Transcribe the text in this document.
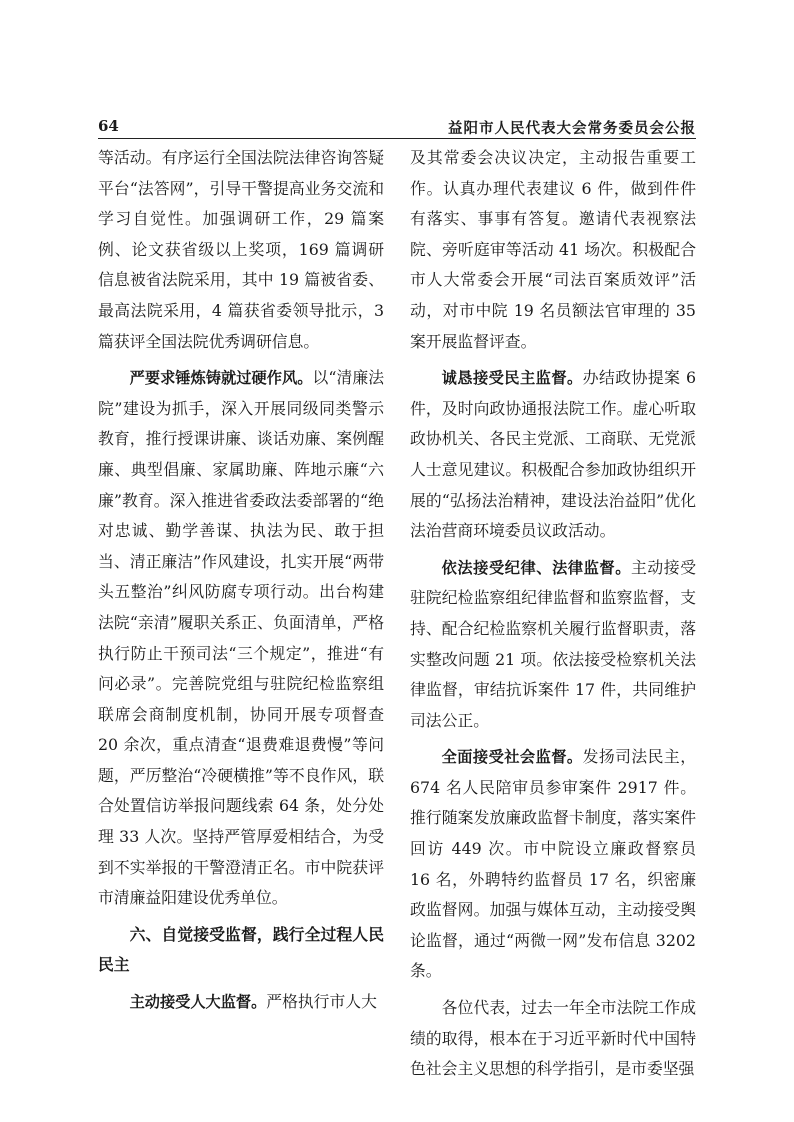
64	益阳市人民代表大会常务委员会公报

等活动。有序运行全国法院法律咨询答疑平台“法答网”，引导干警提高业务交流和学习自觉性。加强调研工作，29 篇案例、论文获省级以上奖项，169 篇调研信息被省法院采用，其中 19 篇被省委、最高法院采用，4 篇获省委领导批示，3 篇获评全国法院优秀调研信息。

严要求锤炼铸就过硬作风。以“清廉法院”建设为抓手，深入开展同级同类警示教育，推行授课讲廉、谈话劝廉、案例醒廉、典型倡廉、家属助廉、阵地示廉“六廉”教育。深入推进省委政法委部署的“绝对忠诚、勤学善谋、执法为民、敢于担当、清正廉洁”作风建设，扎实开展“两带头五整治”纠风防腐专项行动。出台构建法院“亲清”履职关系正、负面清单，严格执行防止干预司法“三个规定”，推进“有问必录”。完善院党组与驻院纪检监察组联席会商制度机制，协同开展专项督查 20 余次，重点清查“退费难退费慢”等问题，严厉整治“冷硬横推”等不良作风，联合处置信访举报问题线索 64 条，处分处理 33 人次。坚持严管厚爱相结合，为受到不实举报的干警澄清正名。市中院获评市清廉益阳建设优秀单位。

六、自觉接受监督，践行全过程人民民主

主动接受人大监督。严格执行市人大

及其常委会决议决定，主动报告重要工作。认真办理代表建议 6 件，做到件件有落实、事事有答复。邀请代表视察法院、旁听庭审等活动 41 场次。积极配合市人大常委会开展“司法百案质效评”活动，对市中院 19 名员额法官审理的 35 案开展监督评查。

诚恳接受民主监督。办结政协提案 6 件，及时向政协通报法院工作。虚心听取政协机关、各民主党派、工商联、无党派人士意见建议。积极配合参加政协组织开展的“弘扬法治精神，建设法治益阳”优化法治营商环境委员议政活动。

依法接受纪律、法律监督。主动接受驻院纪检监察组纪律监督和监察监督，支持、配合纪检监察机关履行监督职责，落实整改问题 21 项。依法接受检察机关法律监督，审结抗诉案件 17 件，共同维护司法公正。

全面接受社会监督。发扬司法民主，674 名人民陪审员参审案件 2917 件。推行随案发放廉政监督卡制度，落实案件回访 449 次。市中院设立廉政督察员 16 名，外聘特约监督员 17 名，织密廉政监督网。加强与媒体互动，主动接受舆论监督，通过“两微一网”发布信息 3202 条。

各位代表，过去一年全市法院工作成绩的取得，根本在于习近平新时代中国特色社会主义思想的科学指引，是市委坚强
